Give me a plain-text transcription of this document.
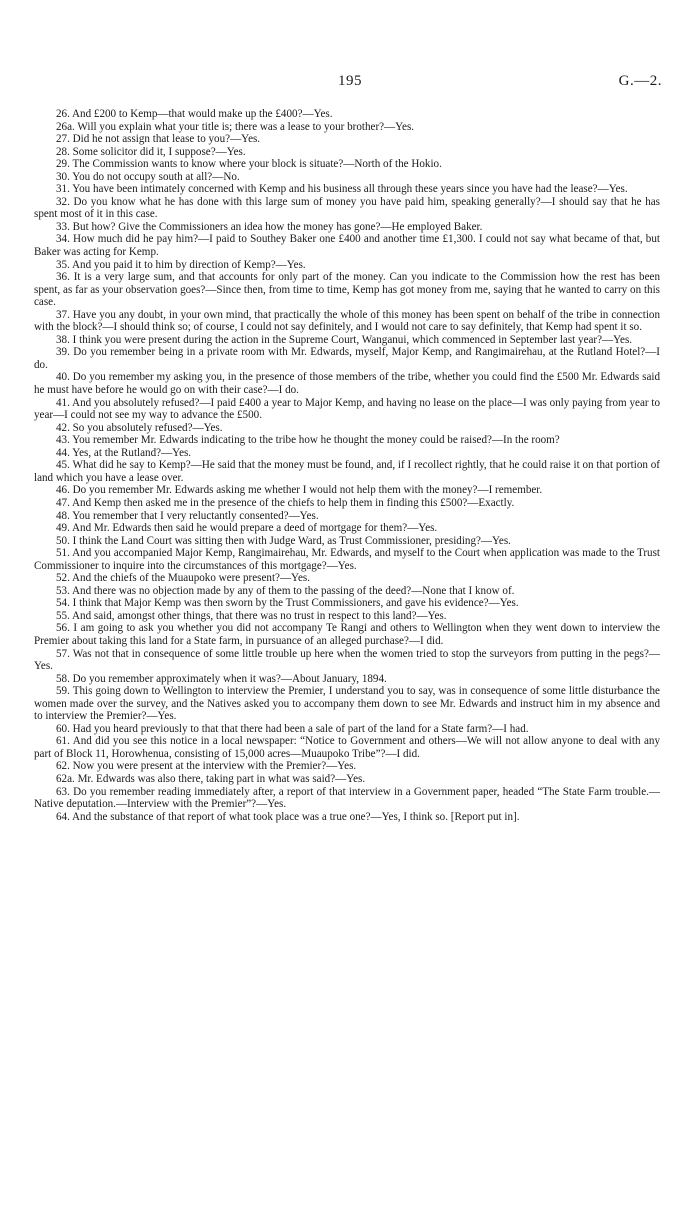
195	G.—2.

26. And £200 to Kemp—that would make up the £400?—Yes.

26a. Will you explain what your title is; there was a lease to your brother?—Yes.

27. Did he not assign that lease to you?—Yes.

28. Some solicitor did it, I suppose?—Yes.

29. The Commission wants to know where your block is situate?—North of the Hokio.

30. You do not occupy south at all?—No.

31. You have been intimately concerned with Kemp and his business all through these years since you have had the lease?—Yes.

32. Do you know what he has done with this large sum of money you have paid him, speaking generally?—I should say that he has spent most of it in this case.

33. But how? Give the Commissioners an idea how the money has gone?—He employed Baker.

34. How much did he pay him?—I paid to Southey Baker one £400 and another time £1,300. I could not say what became of that, but Baker was acting for Kemp.

35. And you paid it to him by direction of Kemp?—Yes.

36. It is a very large sum, and that accounts for only part of the money. Can you indicate to the Commission how the rest has been spent, as far as your observation goes?—Since then, from time to time, Kemp has got money from me, saying that he wanted to carry on this case.

37. Have you any doubt, in your own mind, that practically the whole of this money has been spent on behalf of the tribe in connection with the block?—I should think so; of course, I could not say definitely, and I would not care to say definitely, that Kemp had spent it so.

38. I think you were present during the action in the Supreme Court, Wanganui, which commenced in September last year?—Yes.

39. Do you remember being in a private room with Mr. Edwards, myself, Major Kemp, and Rangimairehau, at the Rutland Hotel?—I do.

40. Do you remember my asking you, in the presence of those members of the tribe, whether you could find the £500 Mr. Edwards said he must have before he would go on with their case?—I do.

41. And you absolutely refused?—I paid £400 a year to Major Kemp, and having no lease on the place—I was only paying from year to year—I could not see my way to advance the £500.

42. So you absolutely refused?—Yes.

43. You remember Mr. Edwards indicating to the tribe how he thought the money could be raised?—In the room?

44. Yes, at the Rutland?—Yes.

45. What did he say to Kemp?—He said that the money must be found, and, if I recollect rightly, that he could raise it on that portion of land which you have a lease over.

46. Do you remember Mr. Edwards asking me whether I would not help them with the money?—I remember.

47. And Kemp then asked me in the presence of the chiefs to help them in finding this £500?—Exactly.

48. You remember that I very reluctantly consented?—Yes.

49. And Mr. Edwards then said he would prepare a deed of mortgage for them?—Yes.

50. I think the Land Court was sitting then with Judge Ward, as Trust Commissioner, presiding?—Yes.

51. And you accompanied Major Kemp, Rangimairehau, Mr. Edwards, and myself to the Court when application was made to the Trust Commissioner to inquire into the circumstances of this mortgage?—Yes.

52. And the chiefs of the Muaupoko were present?—Yes.

53. And there was no objection made by any of them to the passing of the deed?—None that I know of.

54. I think that Major Kemp was then sworn by the Trust Commissioners, and gave his evidence?—Yes.

55. And said, amongst other things, that there was no trust in respect to this land?—Yes.

56. I am going to ask you whether you did not accompany Te Rangi and others to Wellington when they went down to interview the Premier about taking this land for a State farm, in pursuance of an alleged purchase?—I did.

57. Was not that in consequence of some little trouble up here when the women tried to stop the surveyors from putting in the pegs?—Yes.

58. Do you remember approximately when it was?—About January, 1894.

59. This going down to Wellington to interview the Premier, I understand you to say, was in consequence of some little disturbance the women made over the survey, and the Natives asked you to accompany them down to see Mr. Edwards and instruct him in my absence and to interview the Premier?—Yes.

60. Had you heard previously to that that there had been a sale of part of the land for a State farm?—I had.

61. And did you see this notice in a local newspaper: “Notice to Government and others—We will not allow anyone to deal with any part of Block 11, Horowhenua, consisting of 15,000 acres—Muaupoko Tribe”?—I did.

62. Now you were present at the interview with the Premier?—Yes.

62a. Mr. Edwards was also there, taking part in what was said?—Yes.

63. Do you remember reading immediately after, a report of that interview in a Government paper, headed “The State Farm trouble.—Native deputation.—Interview with the Premier”?—Yes.

64. And the substance of that report of what took place was a true one?—Yes, I think so. [Report put in].
